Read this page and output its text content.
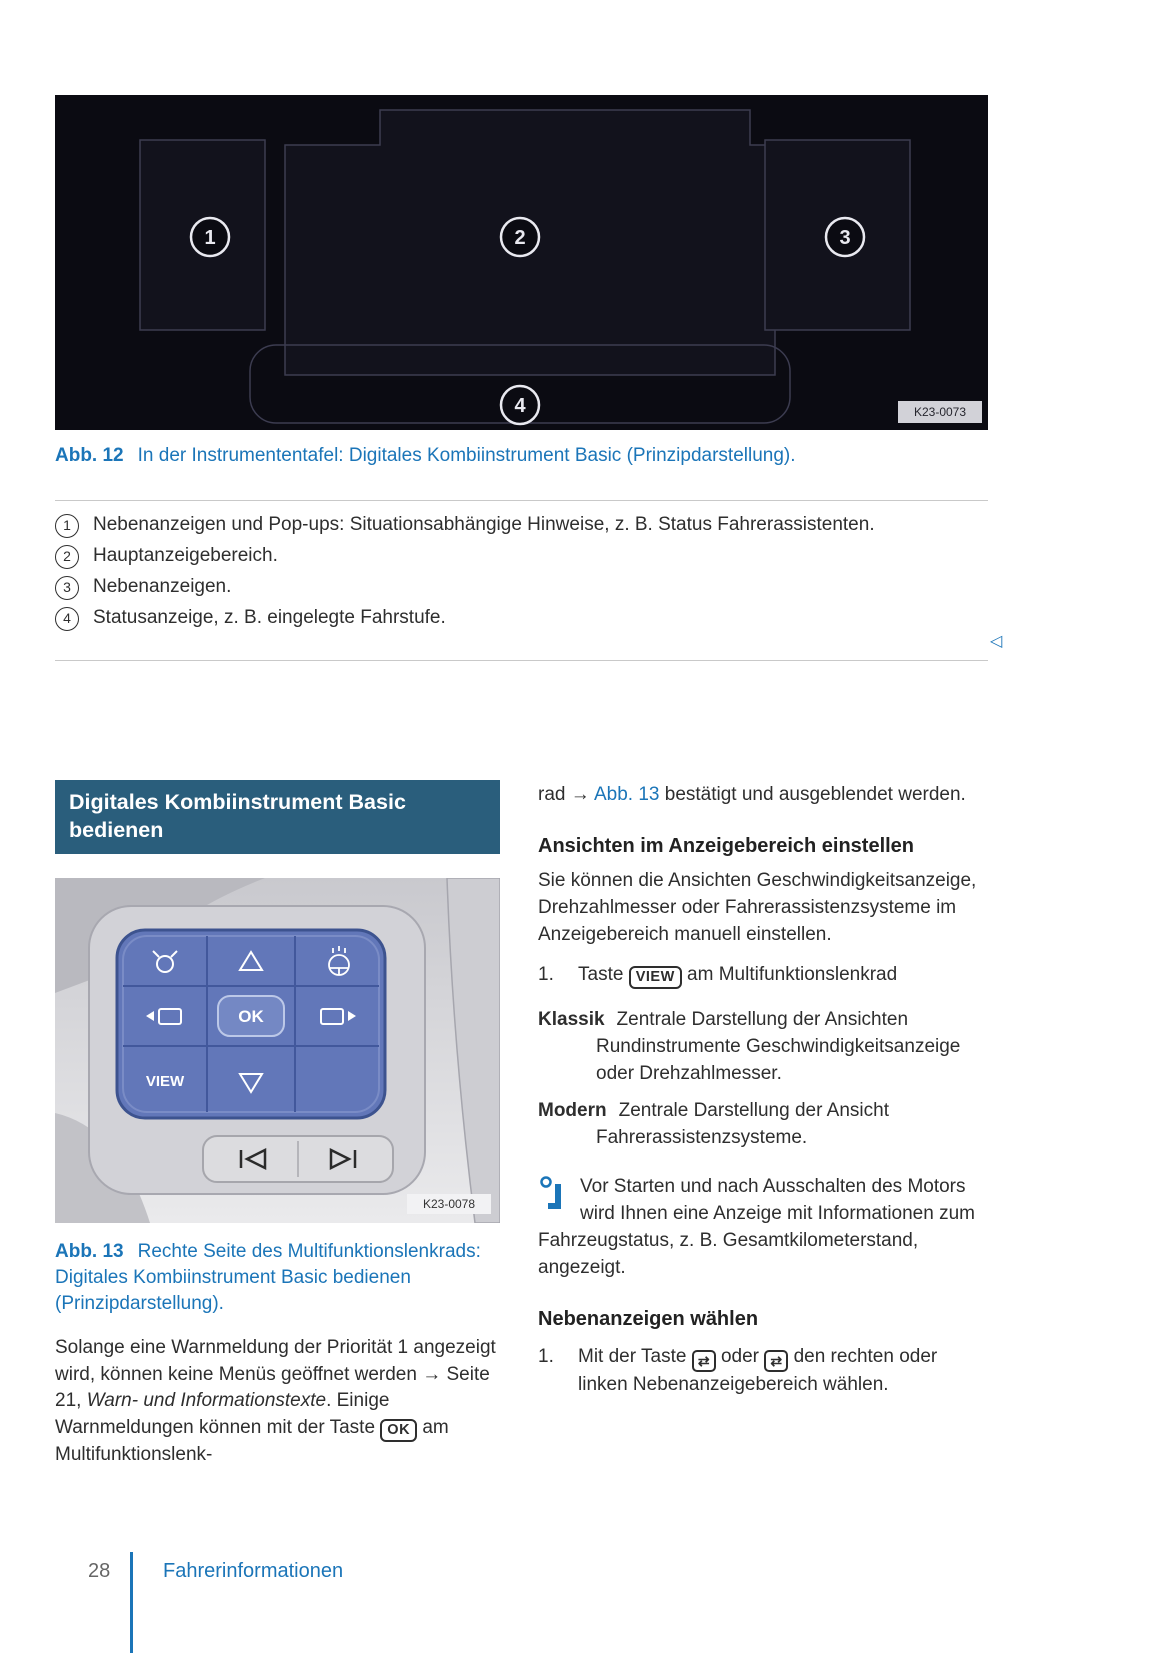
1	2	3
4	K23-0073
Abb. 12 In der Instrumententafel: Digitales Kombiinstrument Basic (Prinzipdarstellung).
1	Nebenanzeigen und Pop-ups: Situationsabhängige Hinweise, z. B. Status Fahrerassistenten.
2	Hauptanzeigebereich.
3	Nebenanzeigen.
4	Statusanzeige, z. B. eingelegte Fahrstufe.
◁
Digitales Kombiinstrument Basic bedienen
OK
VIEW
K23-0078
Abb. 13 Rechte Seite des Multifunktionslenkrads: Digitales Kombiinstrument Basic bedienen (Prinzipdarstellung).

Solange eine Warnmeldung der Priorität 1 angezeigt wird, können keine Menüs geöffnet werden → Seite 21, Warn- und Informationstexte. Einige Warnmeldungen können mit der Taste OK am Multifunktionslenk-

rad → Abb. 13 bestätigt und ausgeblendet werden.

Ansichten im Anzeigebereich einstellen

Sie können die Ansichten Geschwindigkeitsanzeige, Drehzahlmesser oder Fahrerassistenzsysteme im Anzeigebereich manuell einstellen.

1.	Taste VIEW am Multifunktionslenkrad

Klassik Zentrale Darstellung der Ansichten Rundinstrumente Geschwindigkeitsanzeige oder Drehzahlmesser.

Modern Zentrale Darstellung der Ansicht Fahrerassistenzsysteme.

Vor Starten und nach Ausschalten des Motors wird Ihnen eine Anzeige mit Informationen zum Fahrzeugstatus, z. B. Gesamtkilometerstand, angezeigt.
Nebenanzeigen wählen
1.	Mit der Taste ⇄ oder ⇄ den rechten oder linken Nebenanzeigebereich wählen.
28	Fahrerinformationen
